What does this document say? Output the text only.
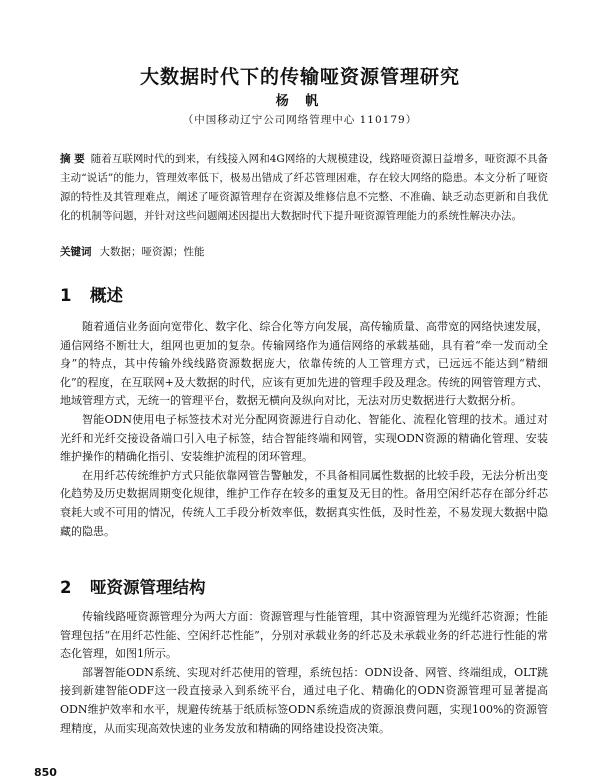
大数据时代下的传输哑资源管理研究
杨 帆
（中国移动辽宁公司网络管理中心 110179）
摘 要 随着互联网时代的到来，有线接入网和4G网络的大规模建设，线路哑资源日益增多，哑资源不具备主动“说话”的能力，管理效率低下，极易出错成了纤芯管理困难，存在较大网络的隐患。本文分析了哑资源的特性及其管理难点，阐述了哑资源管理存在资源及维修信息不完整、不准确、缺乏动态更新和自我优化的机制等问题，并针对这些问题阐述因提出大数据时代下提升哑资源管理能力的系统性解决办法。
关键词 大数据；哑资源；性能
1 概述

随着通信业务面向宽带化、数字化、综合化等方向发展，高传输质量、高带宽的网络快速发展，通信网络不断壮大，组网也更加的复杂。传输网络作为通信网络的承载基础，具有着“牵一发而动全身”的特点，其中传输外线线路资源数据庞大，依靠传统的人工管理方式，已远远不能达到“精细化”的程度，在互联网+及大数据的时代，应该有更加先进的管理手段及理念。传统的网管管理方式、地域管理方式，无统一的管理平台，数据无横向及纵向对比，无法对历史数据进行大数据分析。

智能ODN使用电子标签技术对光分配网资源进行自动化、智能化、流程化管理的技术。通过对光纤和光纤交接设备端口引入电子标签，结合智能终端和网管，实现ODN资源的精确化管理、安装维护操作的精确化指引、安装维护流程的闭环管理。

在用纤芯传统维护方式只能依靠网管告警触发，不具备相同属性数据的比较手段，无法分析出变化趋势及历史数据周期变化规律，维护工作存在较多的重复及无目的性。备用空闲纤芯存在部分纤芯衰耗大或不可用的情况，传统人工手段分析效率低，数据真实性低，及时性差，不易发现大数据中隐藏的隐患。

2 哑资源管理结构

传输线路哑资源管理分为两大方面：资源管理与性能管理，其中资源管理为光缆纤芯资源；性能管理包括“在用纤芯性能、空闲纤芯性能”，分别对承载业务的纤芯及未承载业务的纤芯进行性能的常态化管理，如图1所示。

部署智能ODN系统、实现对纤芯使用的管理，系统包括：ODN设备、网管、终端组成，OLT跳接到新建智能ODF这一段直接录入到系统平台，通过电子化、精确化的ODN资源管理可显著提高ODN维护效率和水平，规避传统基于纸质标签ODN系统造成的资源浪费问题，实现100%的资源管理精度，从而实现高效快速的业务发放和精确的网络建设投资决策。

850
